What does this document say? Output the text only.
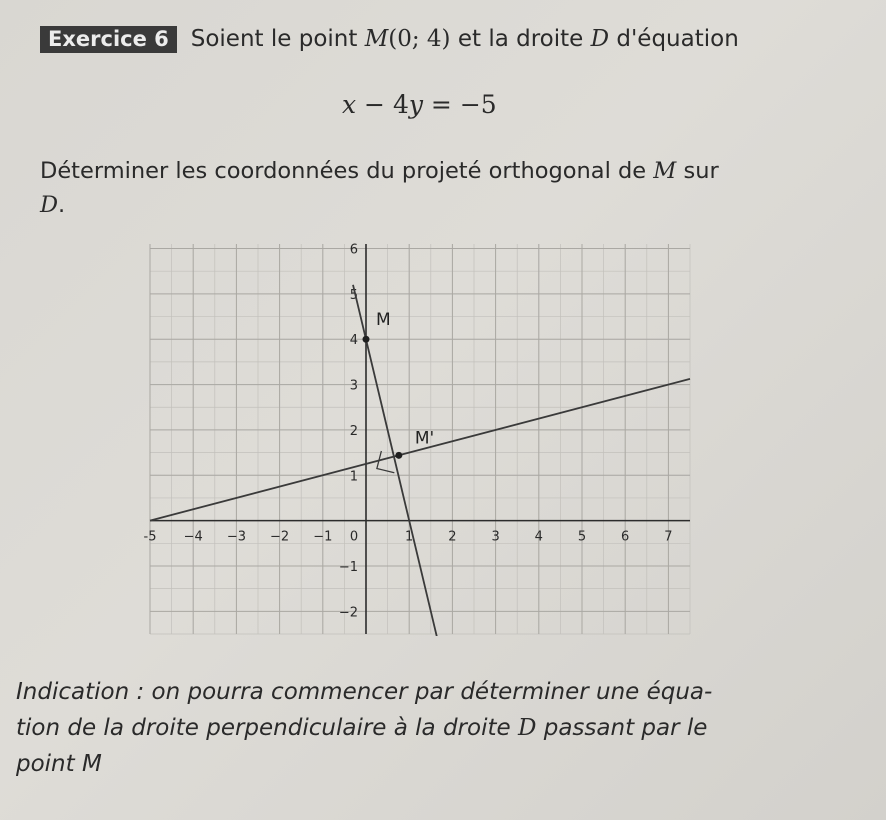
Exercice 6 Soient le point M(0; 4) et la droite D d'équation
x − 4y = −5
Déterminer les coordonnées du projeté orthogonal de M sur
D.
-5 −4 −3 −2 −1 0	1	2	3	4	5	6	7
−2
−1
1
2
3
4
5
6
M
M'
Indication : on pourra commencer par déterminer une équa-
tion de la droite perpendiculaire à la droite D passant par le
point M
